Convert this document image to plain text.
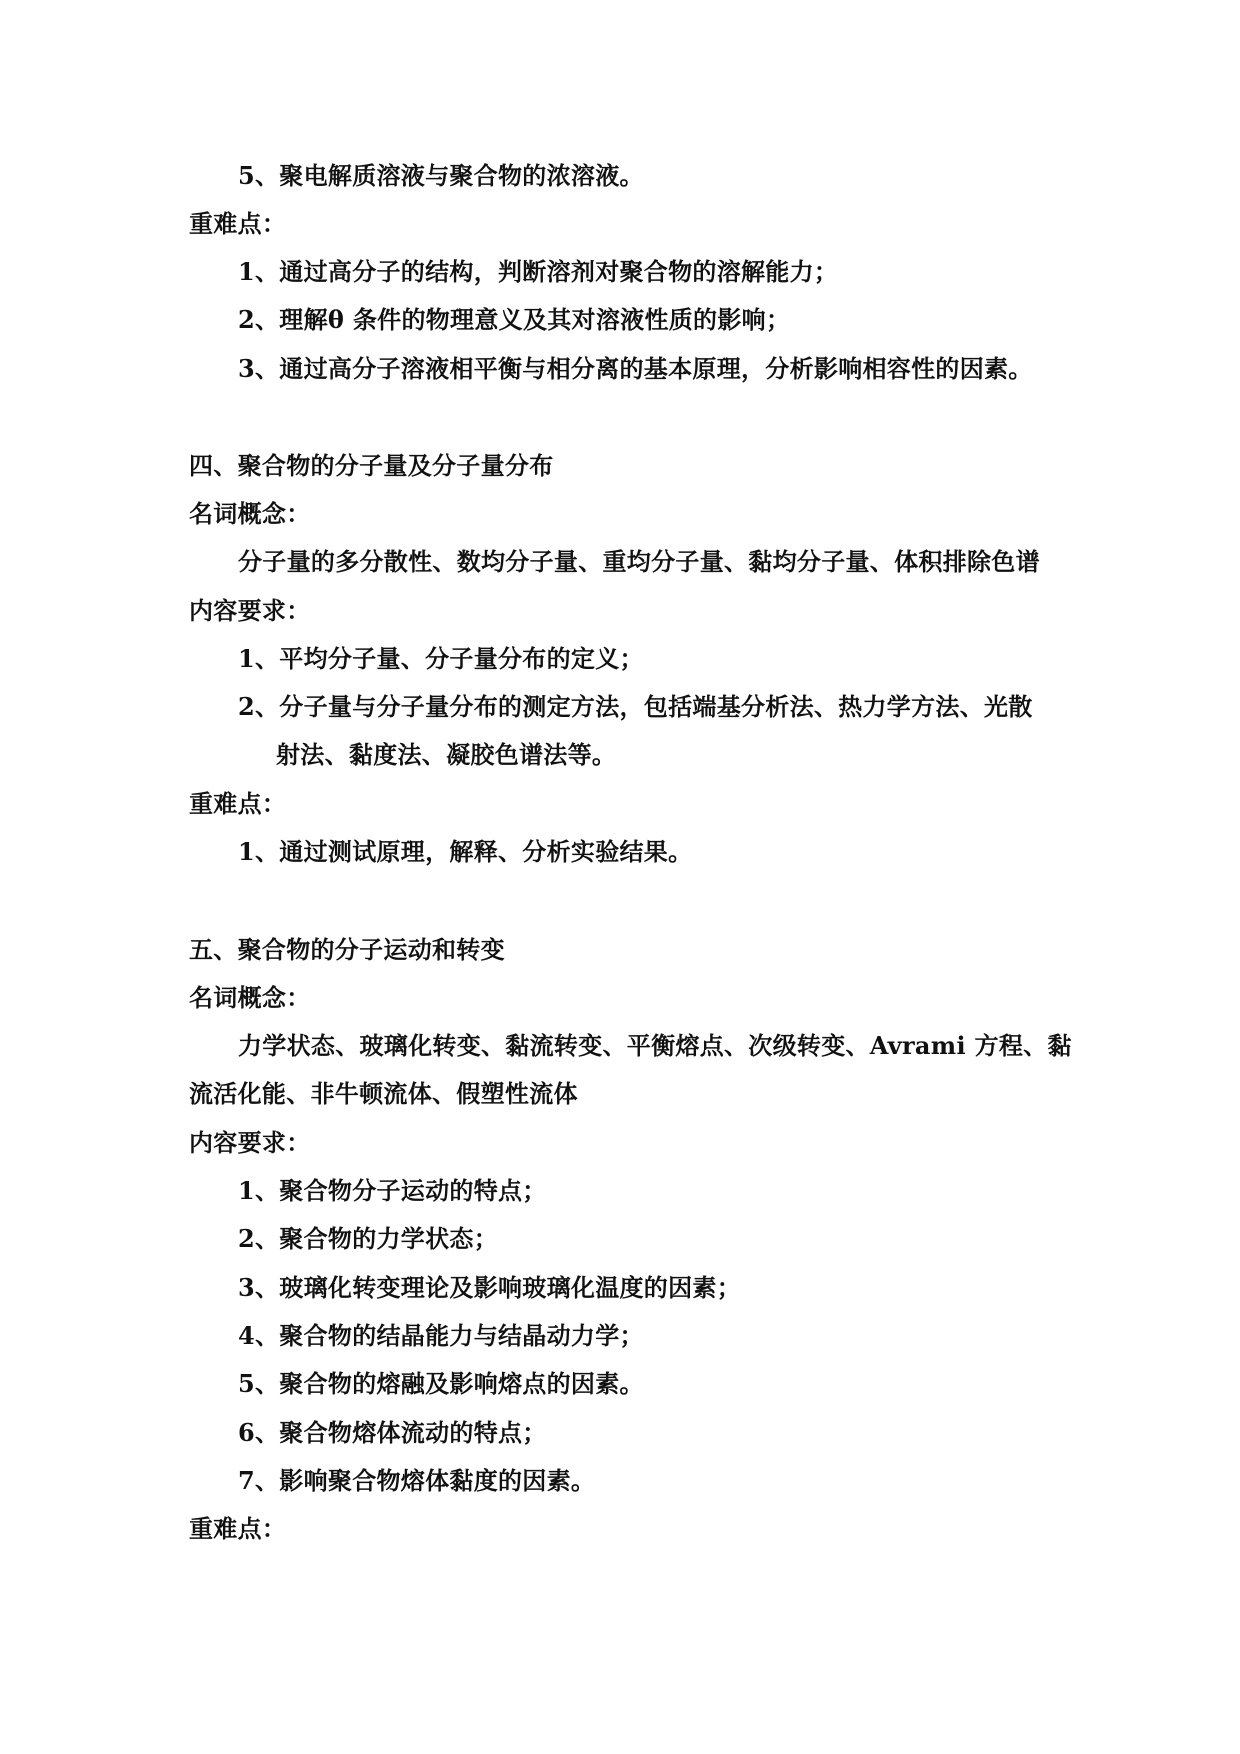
5、聚电解质溶液与聚合物的浓溶液。
重难点：
1、通过高分子的结构，判断溶剂对聚合物的溶解能力；
2、理解θ 条件的物理意义及其对溶液性质的影响；
3、通过高分子溶液相平衡与相分离的基本原理，分析影响相容性的因素。
四、聚合物的分子量及分子量分布
名词概念：
分子量的多分散性、数均分子量、重均分子量、黏均分子量、体积排除色谱
内容要求：
1、平均分子量、分子量分布的定义；
2、分子量与分子量分布的测定方法，包括端基分析法、热力学方法、光散
射法、黏度法、凝胶色谱法等。
重难点：
1、通过测试原理，解释、分析实验结果。
五、聚合物的分子运动和转变
名词概念：
力学状态、玻璃化转变、黏流转变、平衡熔点、次级转变、Avrami 方程、黏
流活化能、非牛顿流体、假塑性流体
内容要求：
1、聚合物分子运动的特点；
2、聚合物的力学状态；
3、玻璃化转变理论及影响玻璃化温度的因素；
4、聚合物的结晶能力与结晶动力学；
5、聚合物的熔融及影响熔点的因素。
6、聚合物熔体流动的特点；
7、影响聚合物熔体黏度的因素。
重难点：
